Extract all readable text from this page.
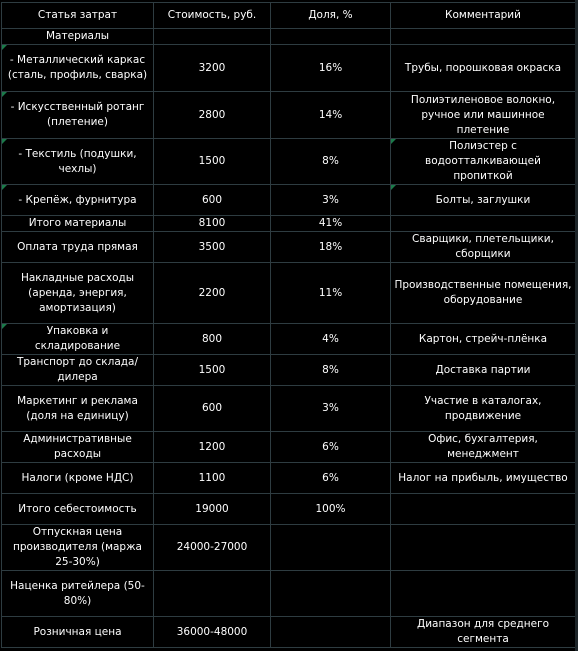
Статья затрат	Стоимость, руб.	Доля, %	Комментарий
Материалы			
- Металлический каркас (сталь, профиль, сварка)	3200	16%	Трубы, порошковая окраска
- Искусственный ротанг (плетение)	2800	14%	Полиэтиленовое волокно, ручное или машинное плетение
- Текстиль (подушки, чехлы)	1500	8%	Полиэстер с водоотталкивающей пропиткой
- Крепёж, фурнитура	600	3%	Болты, заглушки
Итого материалы	8100	41%	
Оплата труда прямая	3500	18%	Сварщики, плетельщики, сборщики
Накладные расходы (аренда, энергия, амортизация)	2200	11%	Производственные помещения, оборудование
Упаковка и складирование	800	4%	Картон, стрейч-плёнка
Транспорт до склада/дилера	1500	8%	Доставка партии
Маркетинг и реклама (доля на единицу)	600	3%	Участие в каталогах, продвижение
Административные расходы	1200	6%	Офис, бухгалтерия, менеджмент
Налоги (кроме НДС)	1100	6%	Налог на прибыль, имущество
Итого себестоимость	19000	100%	
Отпускная цена производителя (маржа 25-30%)	24000-27000		
Наценка ритейлера (50-80%)			
Розничная цена	36000-48000		Диапазон для среднего сегмента
